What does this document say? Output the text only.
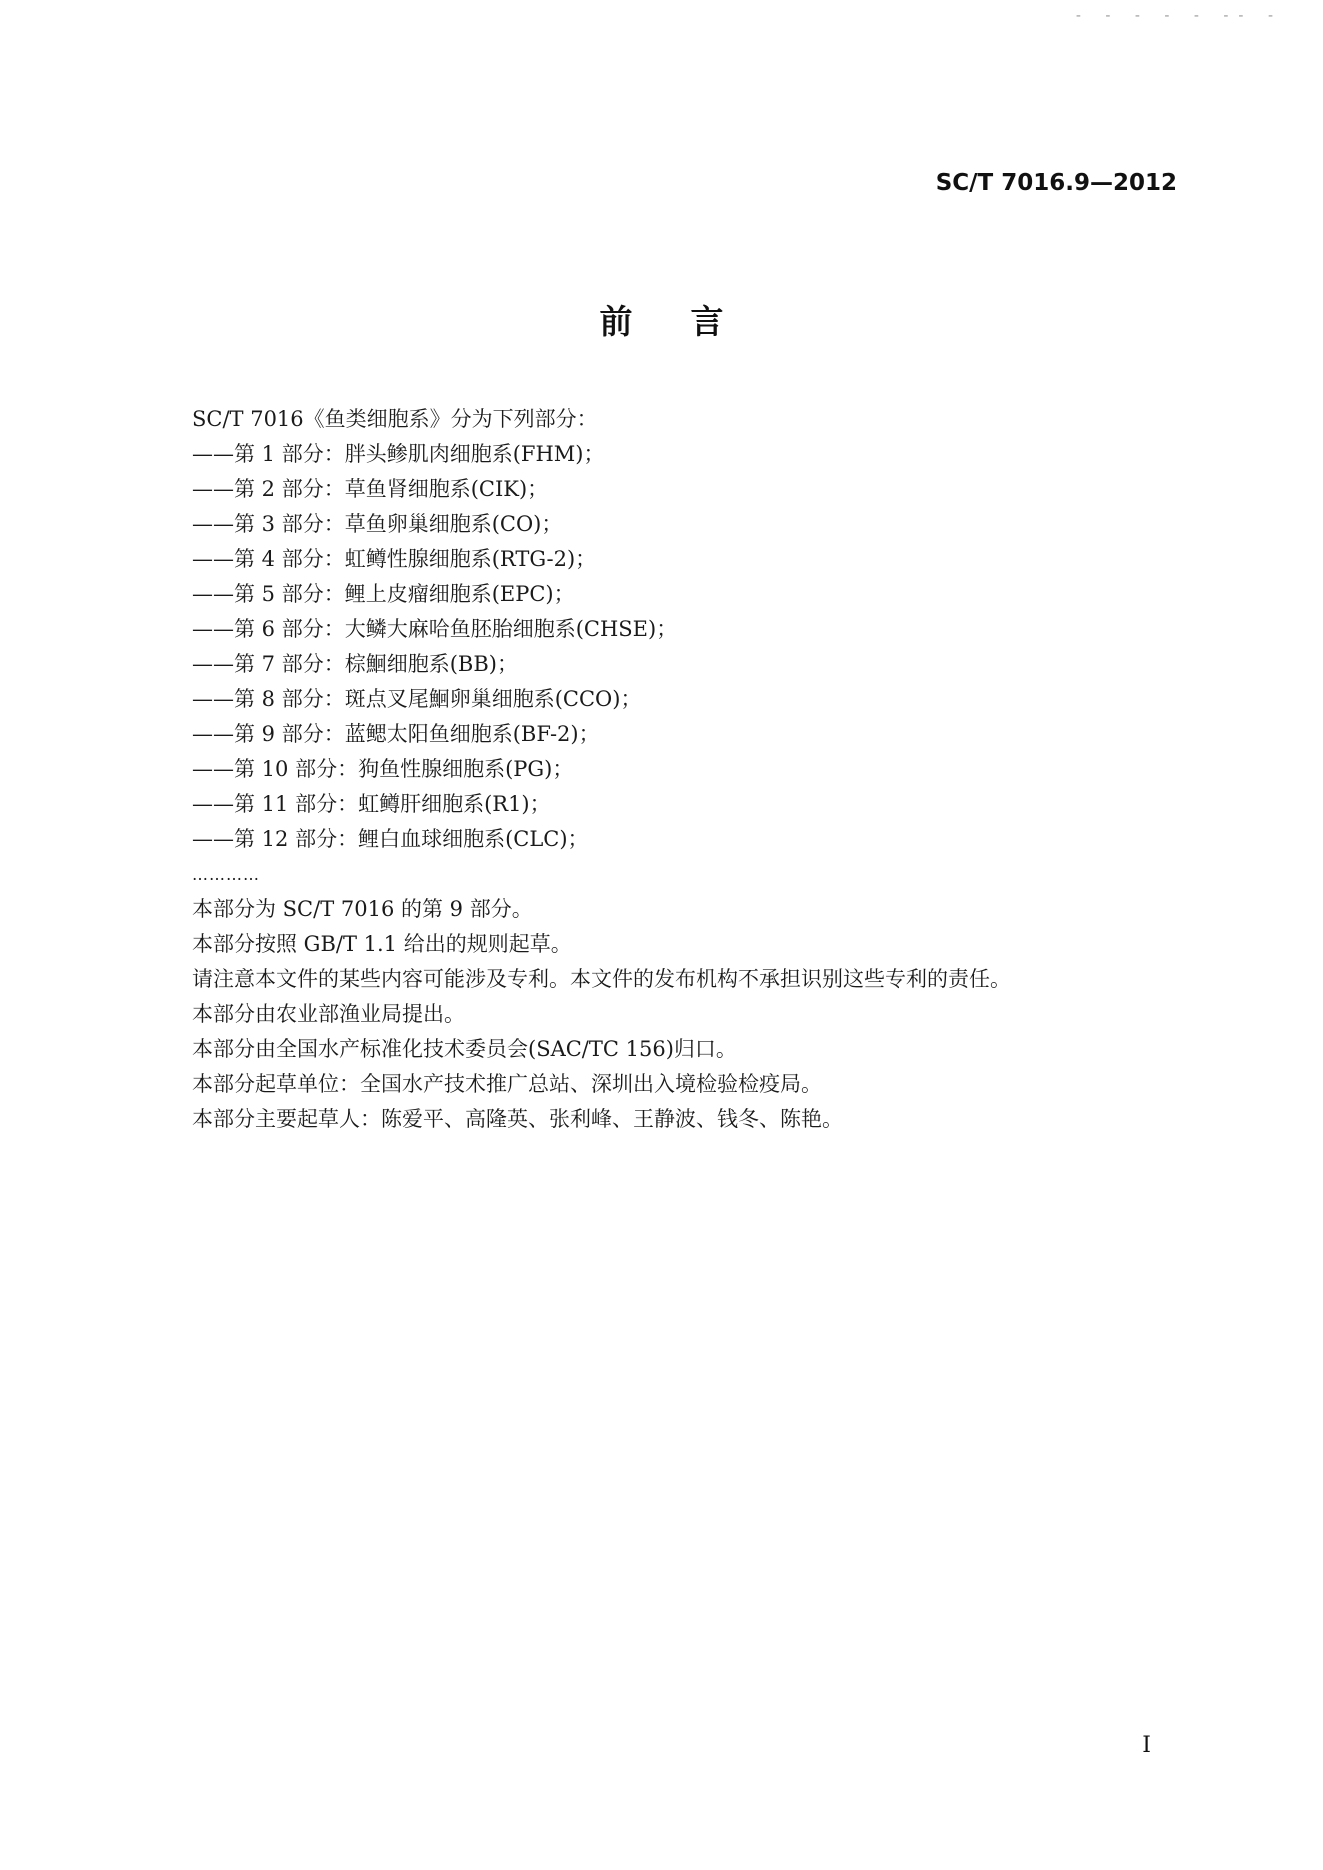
- - - - - -- -
SC/T 7016.9—2012
前言
SC/T 7016《鱼类细胞系》分为下列部分：
——第 1 部分：胖头鲹肌肉细胞系(FHM)；
——第 2 部分：草鱼肾细胞系(CIK)；
——第 3 部分：草鱼卵巢细胞系(CO)；
——第 4 部分：虹鳟性腺细胞系(RTG-2)；
——第 5 部分：鲤上皮瘤细胞系(EPC)；
——第 6 部分：大鳞大麻哈鱼胚胎细胞系(CHSE)；
——第 7 部分：棕鮰细胞系(BB)；
——第 8 部分：斑点叉尾鮰卵巢细胞系(CCO)；
——第 9 部分：蓝鳃太阳鱼细胞系(BF-2)；
——第 10 部分：狗鱼性腺细胞系(PG)；
——第 11 部分：虹鳟肝细胞系(R1)；
——第 12 部分：鲤白血球细胞系(CLC)；
…………
本部分为 SC/T 7016 的第 9 部分。
本部分按照 GB/T 1.1 给出的规则起草。
请注意本文件的某些内容可能涉及专利。本文件的发布机构不承担识别这些专利的责任。
本部分由农业部渔业局提出。
本部分由全国水产标准化技术委员会(SAC/TC 156)归口。
本部分起草单位：全国水产技术推广总站、深圳出入境检验检疫局。
本部分主要起草人：陈爱平、高隆英、张利峰、王静波、钱冬、陈艳。
I
